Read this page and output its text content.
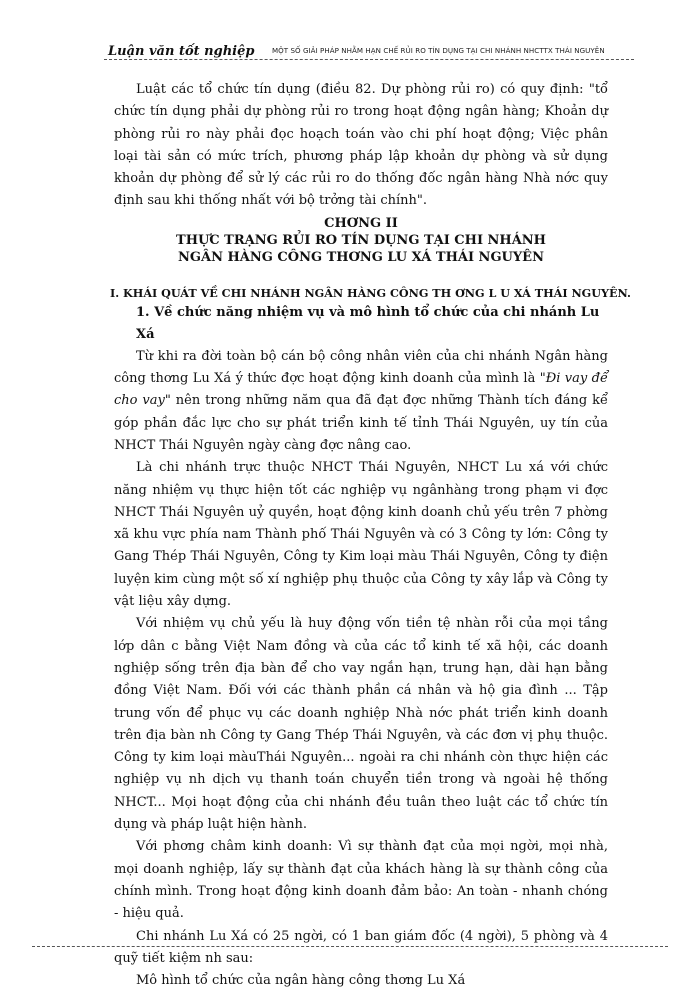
Luận văn tốt nghiệp MỘT SỐ GIẢI PHÁP NHẰM HẠN CHẾ RỦI RO TÍN DỤNG TẠI CHI NHÁNH NHCTTX THÁI NGUYÊN

Luật các tổ chức tín dụng (điều 82. Dự phòng rủi ro) có quy định: "tổ chức tín dụng phải dự phòng rủi ro trong hoạt động ngân hàng; Khoản dự phòng rủi ro này phải đọc hoạch toán vào chi phí hoạt động; Việc phân loại tài sản có mức trích, phương pháp lập khoản dự phòng và sử dụng khoản dự phòng để sử lý các rủi ro do thống đốc ngân hàng Nhà nớc quy định sau khi thống nhất với bộ trởng tài chính".

CHƠNG II
THỰC TRẠNG RỦI RO TÍN DỤNG TẠI CHI NHÁNH
NGÂN HÀNG CÔNG THƠNG LU XÁ THÁI NGUYÊN
I. KHÁI QUÁT VỀ CHI NHÁNH NGÂN HÀNG CÔNG TH ƠNG L U XÁ THÁI NGUYÊN.
1. Về chức năng nhiệm vụ và mô hình tổ chức của chi nhánh Lu Xá

Từ khi ra đời toàn bộ cán bộ công nhân viên của chi nhánh Ngân hàng công thơng Lu Xá ý thức đợc hoạt động kinh doanh của mình là "Đi vay để cho vay" nên trong những năm qua đã đạt đợc những Thành tích đáng kể góp phần đắc lực cho sự phát triển kinh tế tỉnh Thái Nguyên, uy tín của NHCT Thái Nguyên ngày càng đợc nâng cao.

Là chi nhánh trực thuộc NHCT Thái Nguyên, NHCT Lu xá với chức năng nhiệm vụ thực hiện tốt các nghiệp vụ ngânhàng trong phạm vi đợc NHCT Thái Nguyên uỷ quyền, hoạt động kinh doanh chủ yếu trên 7 phờng xã khu vực phía nam Thành phố Thái Nguyên và có 3 Công ty lớn: Công ty Gang Thép Thái Nguyên, Công ty Kim loại màu Thái Nguyên, Công ty điện luyện kim cùng một số xí nghiệp phụ thuộc của Công ty xây lắp và Công ty vật liệu xây dựng.

Với nhiệm vụ chủ yếu là huy động vốn tiền tệ nhàn rỗi của mọi tầng lớp dân c bằng Việt Nam đồng và của các tổ kinh tế xã hội, các doanh nghiệp sống trên địa bàn để cho vay ngắn hạn, trung hạn, dài hạn bằng đồng Việt Nam. Đối với các thành phần cá nhân và hộ gia đình ... Tập trung vốn để phục vụ các doanh nghiệp Nhà nớc phát triển kinh doanh trên địa bàn nh Công ty Gang Thép Thái Nguyên, và các đơn vị phụ thuộc. Công ty kim loại màuThái Nguyên... ngoài ra chi nhánh còn thực hiện các nghiệp vụ nh dịch vụ thanh toán chuyển tiền trong và ngoài hệ thống NHCT... Mọi hoạt động của chi nhánh đều tuân theo luật các tổ chức tín dụng và pháp luật hiện hành.

Với phơng châm kinh doanh: Vì sự thành đạt của mọi ngời, mọi nhà, mọi doanh nghiệp, lấy sự thành đạt của khách hàng là sự thành công của chính mình. Trong hoạt động kinh doanh đảm bảo: An toàn - nhanh chóng - hiệu quả.

Chi nhánh Lu Xá có 25 ngời, có 1 ban giám đốc (4 ngời), 5 phòng và 4 quỹ tiết kiệm nh sau:

Mô hình tổ chức của ngân hàng công thơng Lu Xá
